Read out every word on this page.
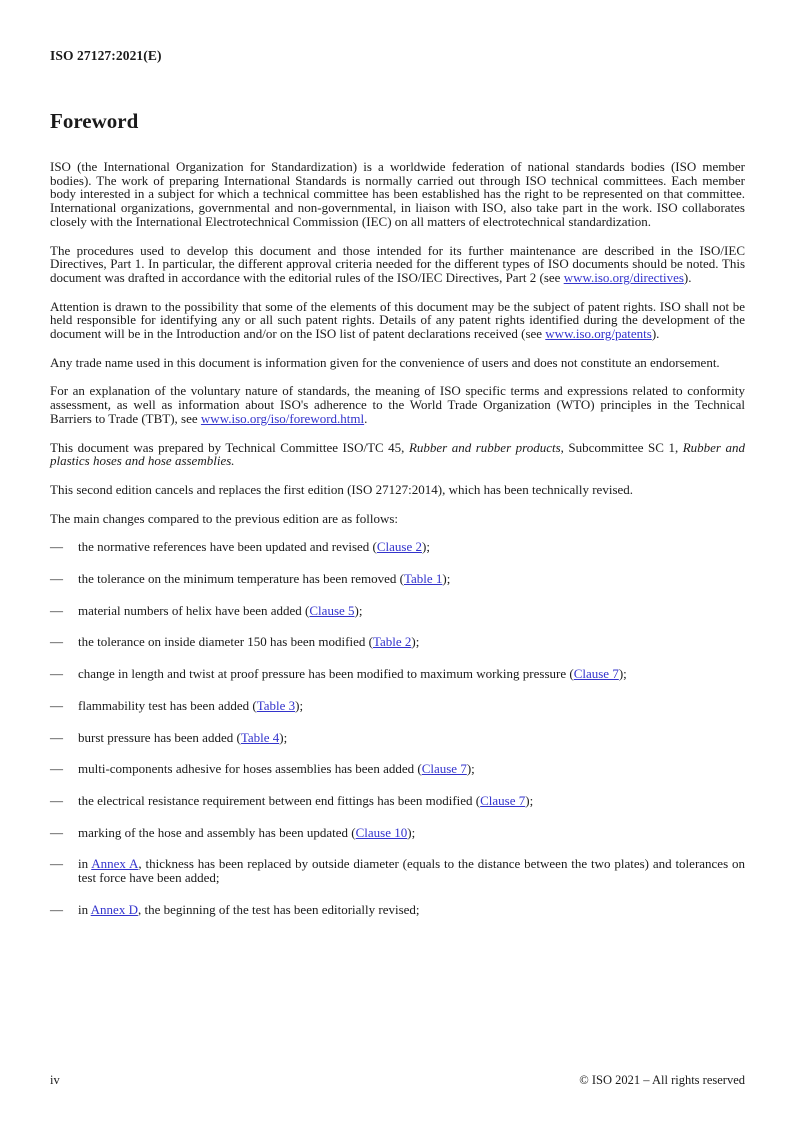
ISO 27127:2021(E)
Foreword
ISO (the International Organization for Standardization) is a worldwide federation of national standards bodies (ISO member bodies). The work of preparing International Standards is normally carried out through ISO technical committees. Each member body interested in a subject for which a technical committee has been established has the right to be represented on that committee. International organizations, governmental and non-governmental, in liaison with ISO, also take part in the work. ISO collaborates closely with the International Electrotechnical Commission (IEC) on all matters of electrotechnical standardization.
The procedures used to develop this document and those intended for its further maintenance are described in the ISO/IEC Directives, Part 1. In particular, the different approval criteria needed for the different types of ISO documents should be noted. This document was drafted in accordance with the editorial rules of the ISO/IEC Directives, Part 2 (see www.iso.org/directives).
Attention is drawn to the possibility that some of the elements of this document may be the subject of patent rights. ISO shall not be held responsible for identifying any or all such patent rights. Details of any patent rights identified during the development of the document will be in the Introduction and/or on the ISO list of patent declarations received (see www.iso.org/patents).
Any trade name used in this document is information given for the convenience of users and does not constitute an endorsement.
For an explanation of the voluntary nature of standards, the meaning of ISO specific terms and expressions related to conformity assessment, as well as information about ISO's adherence to the World Trade Organization (WTO) principles in the Technical Barriers to Trade (TBT), see www.iso.org/iso/foreword.html.
This document was prepared by Technical Committee ISO/TC 45, Rubber and rubber products, Subcommittee SC 1, Rubber and plastics hoses and hose assemblies.
This second edition cancels and replaces the first edition (ISO 27127:2014), which has been technically revised.
The main changes compared to the previous edition are as follows:
— the normative references have been updated and revised (Clause 2);
— the tolerance on the minimum temperature has been removed (Table 1);
— material numbers of helix have been added (Clause 5);
— the tolerance on inside diameter 150 has been modified (Table 2);
— change in length and twist at proof pressure has been modified to maximum working pressure (Clause 7);
— flammability test has been added (Table 3);
— burst pressure has been added (Table 4);
— multi-components adhesive for hoses assemblies has been added (Clause 7);
— the electrical resistance requirement between end fittings has been modified (Clause 7);
— marking of the hose and assembly has been updated (Clause 10);
— in Annex A, thickness has been replaced by outside diameter (equals to the distance between the two plates) and tolerances on test force have been added;
— in Annex D, the beginning of the test has been editorially revised;
iv	© ISO 2021 – All rights reserved
